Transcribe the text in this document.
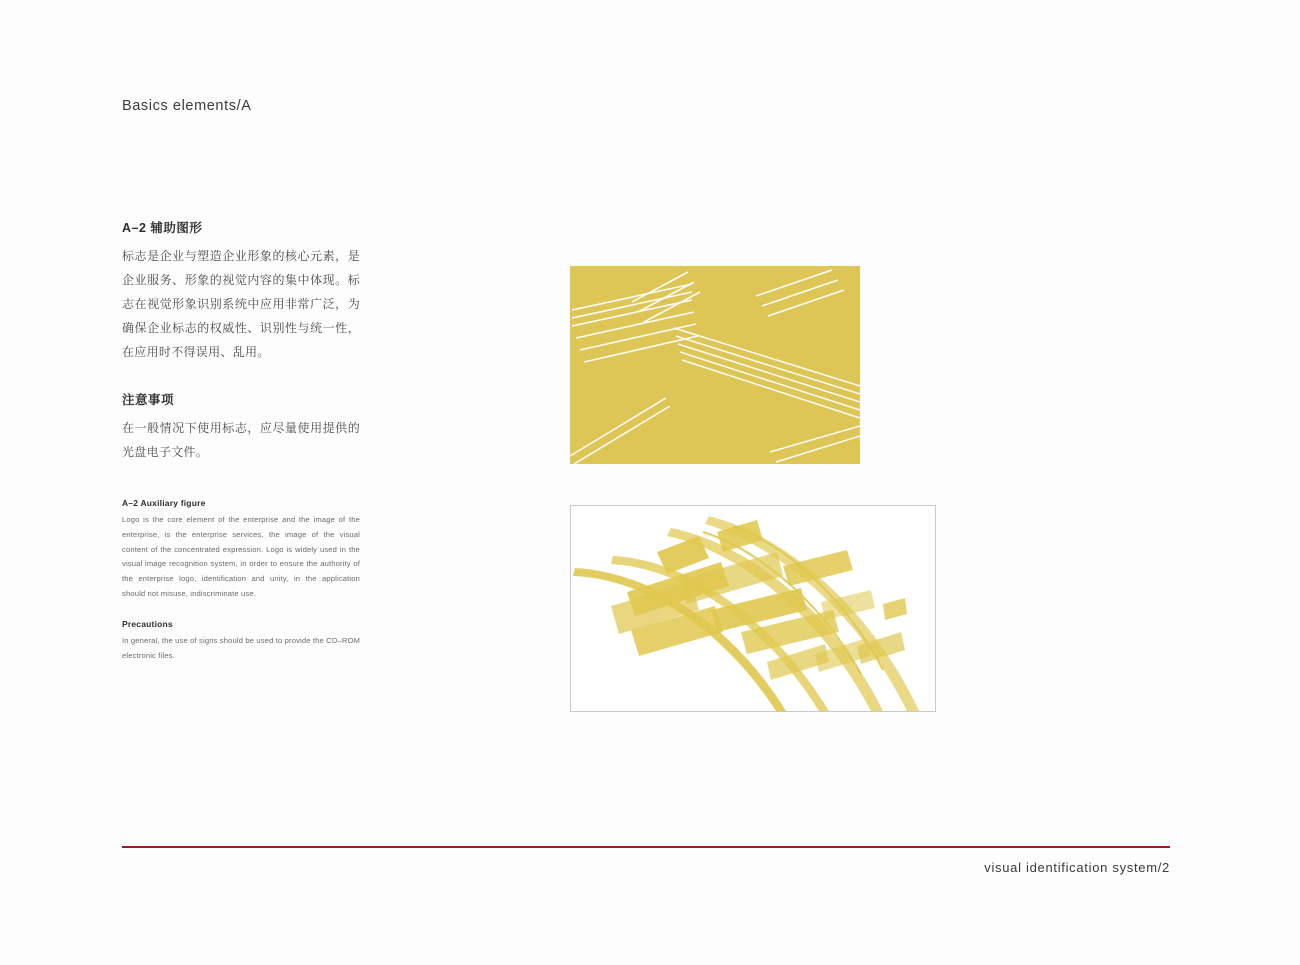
Basics elements/A
A–2 辅助图形
标志是企业与塑造企业形象的核心元素，是企业服务、形象的视觉内容的集中体现。标志在视觉形象识别系统中应用非常广泛，为确保企业标志的权威性、识别性与统一性，在应用时不得误用、乱用。
注意事项
在一般情况下使用标志，应尽量使用提供的光盘电子文件。
A–2 Auxiliary figure
Logo is the core element of the enterprise and the image of the enterprise, is the enterprise services, the image of the visual content of the concentrated expression. Logo is widely used in the visual image recognition system, in order to ensure the authority of the enterprise logo, identification and unity, in the application should not misuse, indiscriminate use.
Precautions
In general, the use of signs should be used to provide the CD–ROM electronic files.
visual identification system/2
